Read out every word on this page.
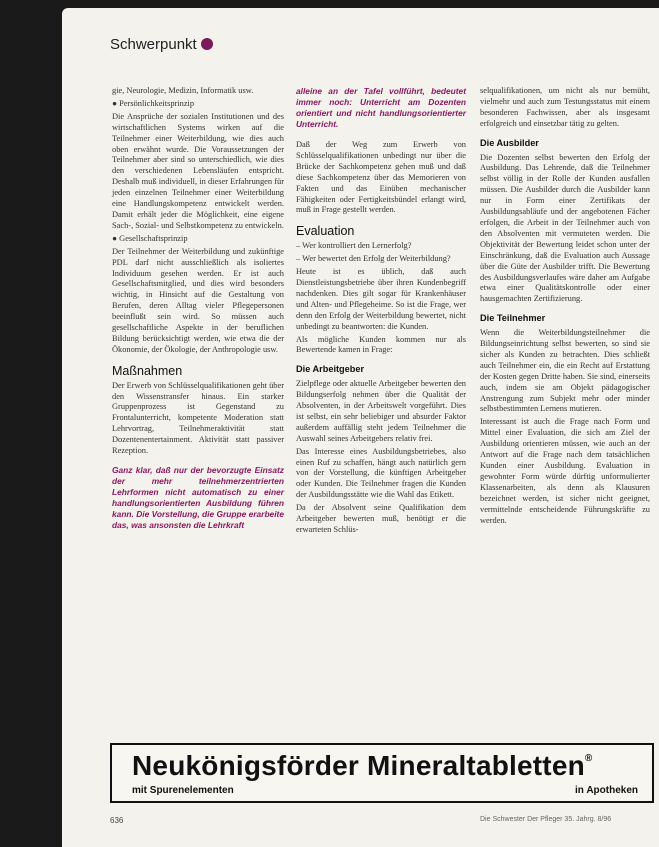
Schwerpunkt

gie, Neurologie, Medizin, Informatik usw.

● Persönlichkeitsprinzip

Die Ansprüche der sozialen Institutionen und des wirtschaftlichen Systems wirken auf die Teilnehmer einer Weiterbildung, wie dies auch oben erwähnt wurde. Die Voraussetzungen der Teilnehmer aber sind so unterschiedlich, wie dies den verschiedenen Lebensläufen entspricht. Deshalb muß individuell, in dieser Erfahrungen für jeden einzelnen Teilnehmer einer Weiterbildung eine Handlungskompetenz entwickelt werden. Damit erhält jeder die Möglichkeit, eine eigene Sach-, Sozial- und Selbstkompetenz zu entwickeln.

● Gesellschaftsprinzip

Der Teilnehmer der Weiterbildung und zukünftige PDL darf nicht ausschließlich als isoliertes Individuum gesehen werden. Er ist auch Gesellschaftsmitglied, und dies wird besonders wichtig, in Hinsicht auf die Gestaltung von Berufen, deren Alltag vieler Pflegepersonen beeinflußt sein wird. So müssen auch gesellschaftliche Aspekte in der beruflichen Bildung berücksichtigt werden, wie etwa die der Ökonomie, der Ökologie, der Anthropologie usw.

Maßnahmen

Der Erwerb von Schlüsselqualifikationen geht über den Wissenstransfer hinaus. Ein starker Gruppenprozess ist Gegenstand zu Frontalunterricht, kompetente Moderation statt Lehrvortrag, Teilnehmeraktivität statt Dozentenentertainment. Aktivität statt passiver Rezeption.

Ganz klar, daß nur der bevorzugte Einsatz der mehr teilnehmerzentrierten Lehrformen nicht automatisch zu einer handlungsorientierten Ausbildung führen kann. Die Vorstellung, die Gruppe erarbeite das, was ansonsten die Lehrkraft

alleine an der Tafel vollführt, bedeutet immer noch: Unterricht am Dozenten orientiert und nicht handlungsorientierter Unterricht.

Daß der Weg zum Erwerb von Schlüsselqualifikationen unbedingt nur über die Brücke der Sachkompetenz gehen muß und daß diese Sachkompetenz über das Memorieren von Fakten und das Einüben mechanischer Fähigkeiten oder Fertigkeitsbündel erlangt wird, muß in Frage gestellt werden.

Evaluation

– Wer kontrolliert den Lernerfolg?

– Wer bewertet den Erfolg der Weiterbildung?

Heute ist es üblich, daß auch Dienstleistungsbetriebe über ihren Kundenbegriff nachdenken. Dies gilt sogar für Krankenhäuser und Alten- und Pflegeheime. So ist die Frage, wer denn den Erfolg der Weiterbildung bewertet, nicht unbedingt zu beantworten: die Kunden.

Als mögliche Kunden kommen nur als Bewertende kamen in Frage:

Die Arbeitgeber

Zielpflege oder aktuelle Arbeitgeber bewerten den Bildungserfolg nehmen über die Qualität der Absolventen, in der Arbeitswelt vorgeführt. Dies ist selbst, ein sehr beliebiger und absurder Faktor außerdem auffällig steht jedem Teilnehmer die Auswahl seines Arbeitgebers relativ frei.

Das Interesse eines Ausbildungsbetriebes, also einen Ruf zu schaffen, hängt auch natürlich gern von der Vorstellung, die künftigen Arbeitgeber oder Kunden. Die Teilnehmer fragen die Kunden der Ausbildungsstätte wie die Wahl das Etikett.

Da der Absolvent seine Qualifikation dem Arbeitgeber bewerten muß, benötigt er die erwarteten Schlüs-

selqualifikationen, um nicht als nur bemüht, vielmehr und auch zum Testungsstatus mit einem besonderen Fachwissen, aber als insgesamt erfolgreich und einsetzbar tätig zu gelten.

Die Ausbilder

Die Dozenten selbst bewerten den Erfolg der Ausbildung. Das Lehrende, daß die Teilnehmer selbst völlig in der Rolle der Kunden ausfallen müssen. Die Ausbilder durch die Ausbilder kann nur in Form einer Zertifikats der Ausbildungsabläufe und der angebotenen Fächer erfolgen, die Arbeit in der Teilnehmer auch von den Absolventen mit vermuteten werden. Die Objektivität der Bewertung leidet schon unter der Einschränkung, daß die Evaluation auch Aussage über die Güte der Ausbilder trifft. Die Bewertung des Ausbildungsverlaufes wäre daher am Aufgabe etwa einer Qualitätskontrolle oder einer hausgemachten Zertifizierung.

Die Teilnehmer

Wenn die Weiterbildungsteilnehmer die Bildungseinrichtung selbst bewerten, so sind sie sicher als Kunden zu betrachten. Dies schließt auch Teilnehmer ein, die ein Recht auf Erstattung der Kosten gegen Dritte haben. Sie sind, einerseits auch, indem sie am Objekt pädagogischer Anstrengung zum Subjekt mehr oder minder selbstbestimmten Lernens mutieren.

Interessant ist auch die Frage nach Form und Mittel einer Evaluation, die sich am Ziel der Ausbildung orientieren müssen, wie auch an der Antwort auf die Frage nach dem tatsächlichen Kunden einer Ausbildung. Evaluation in gewohnter Form würde dürftig unformulierter Klassenarbeiten, als denn als Klausuren bezeichnet werden, ist sicher nicht geeignet, vermittelnde entscheidende Führungskräfte zu werden.

Neukönigsförder Mineraltabletten®
mit Spurenelementen	in Apotheken
636	Die Schwester Der Pfleger 35. Jahrg. 8/96
